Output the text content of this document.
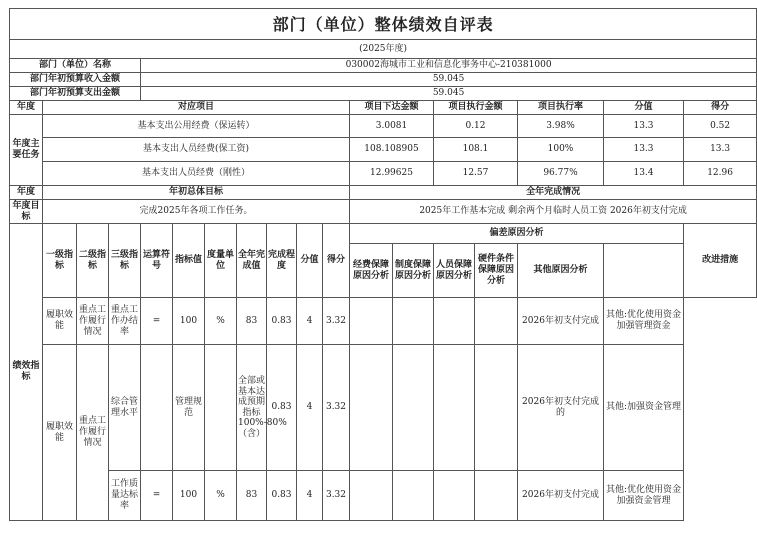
部门（单位）整体绩效自评表																	
(2025年度)																	
部门（单位）名称				030002海城市工业和信息化事务中心-210381000													
部门年初预算收入金额				59.045													
部门年初预算支出金额				59.045													
年度	对应项目										项目下达金额		项目执行金额		项目执行率	分值	得分
年度主要任务	基本支出公用经费（保运转）										3.0081		0.12		3.98%	13.3	0.52
	基本支出人员经费(保工资)										108.108905		108.1		100%	13.3	13.3
	基本支出人员经费（刚性）										12.99625		12.57		96.77%	13.4	12.96
年度	年初总体目标										全年完成情况						
年度目标	完成2025年各项工作任务。										2025年工作基本完成 剩余两个月临时人员工资 2026年初支付完成						
绩效指标	一级指标	二级指标	三级指标	运算符号	指标值	度量单位	全年完成值	完成程度	分值	得分	偏差原因分析						改进措施
											经费保障原因分析	制度保障原因分析	人员保障原因分析	硬件条件保障原因分析	其他原因分析		
	履职效能	重点工作履行情况	重点工作办结率	=	100	%	83	0.83	4	3.32					2026年初支付完成	其他:优化使用资金 加强管理资金	
	履职效能	重点工作履行情况	综合管理水平		管理规范		全部或基本达成预期指标100%-80%（含）	0.83	4	3.32					2026年初支付完成的	其他:加强资金管理	
			工作质量达标率	=	100	%	83	0.83	4	3.32					2026年初支付完成	其他:优化使用资金 加强资金管理	
